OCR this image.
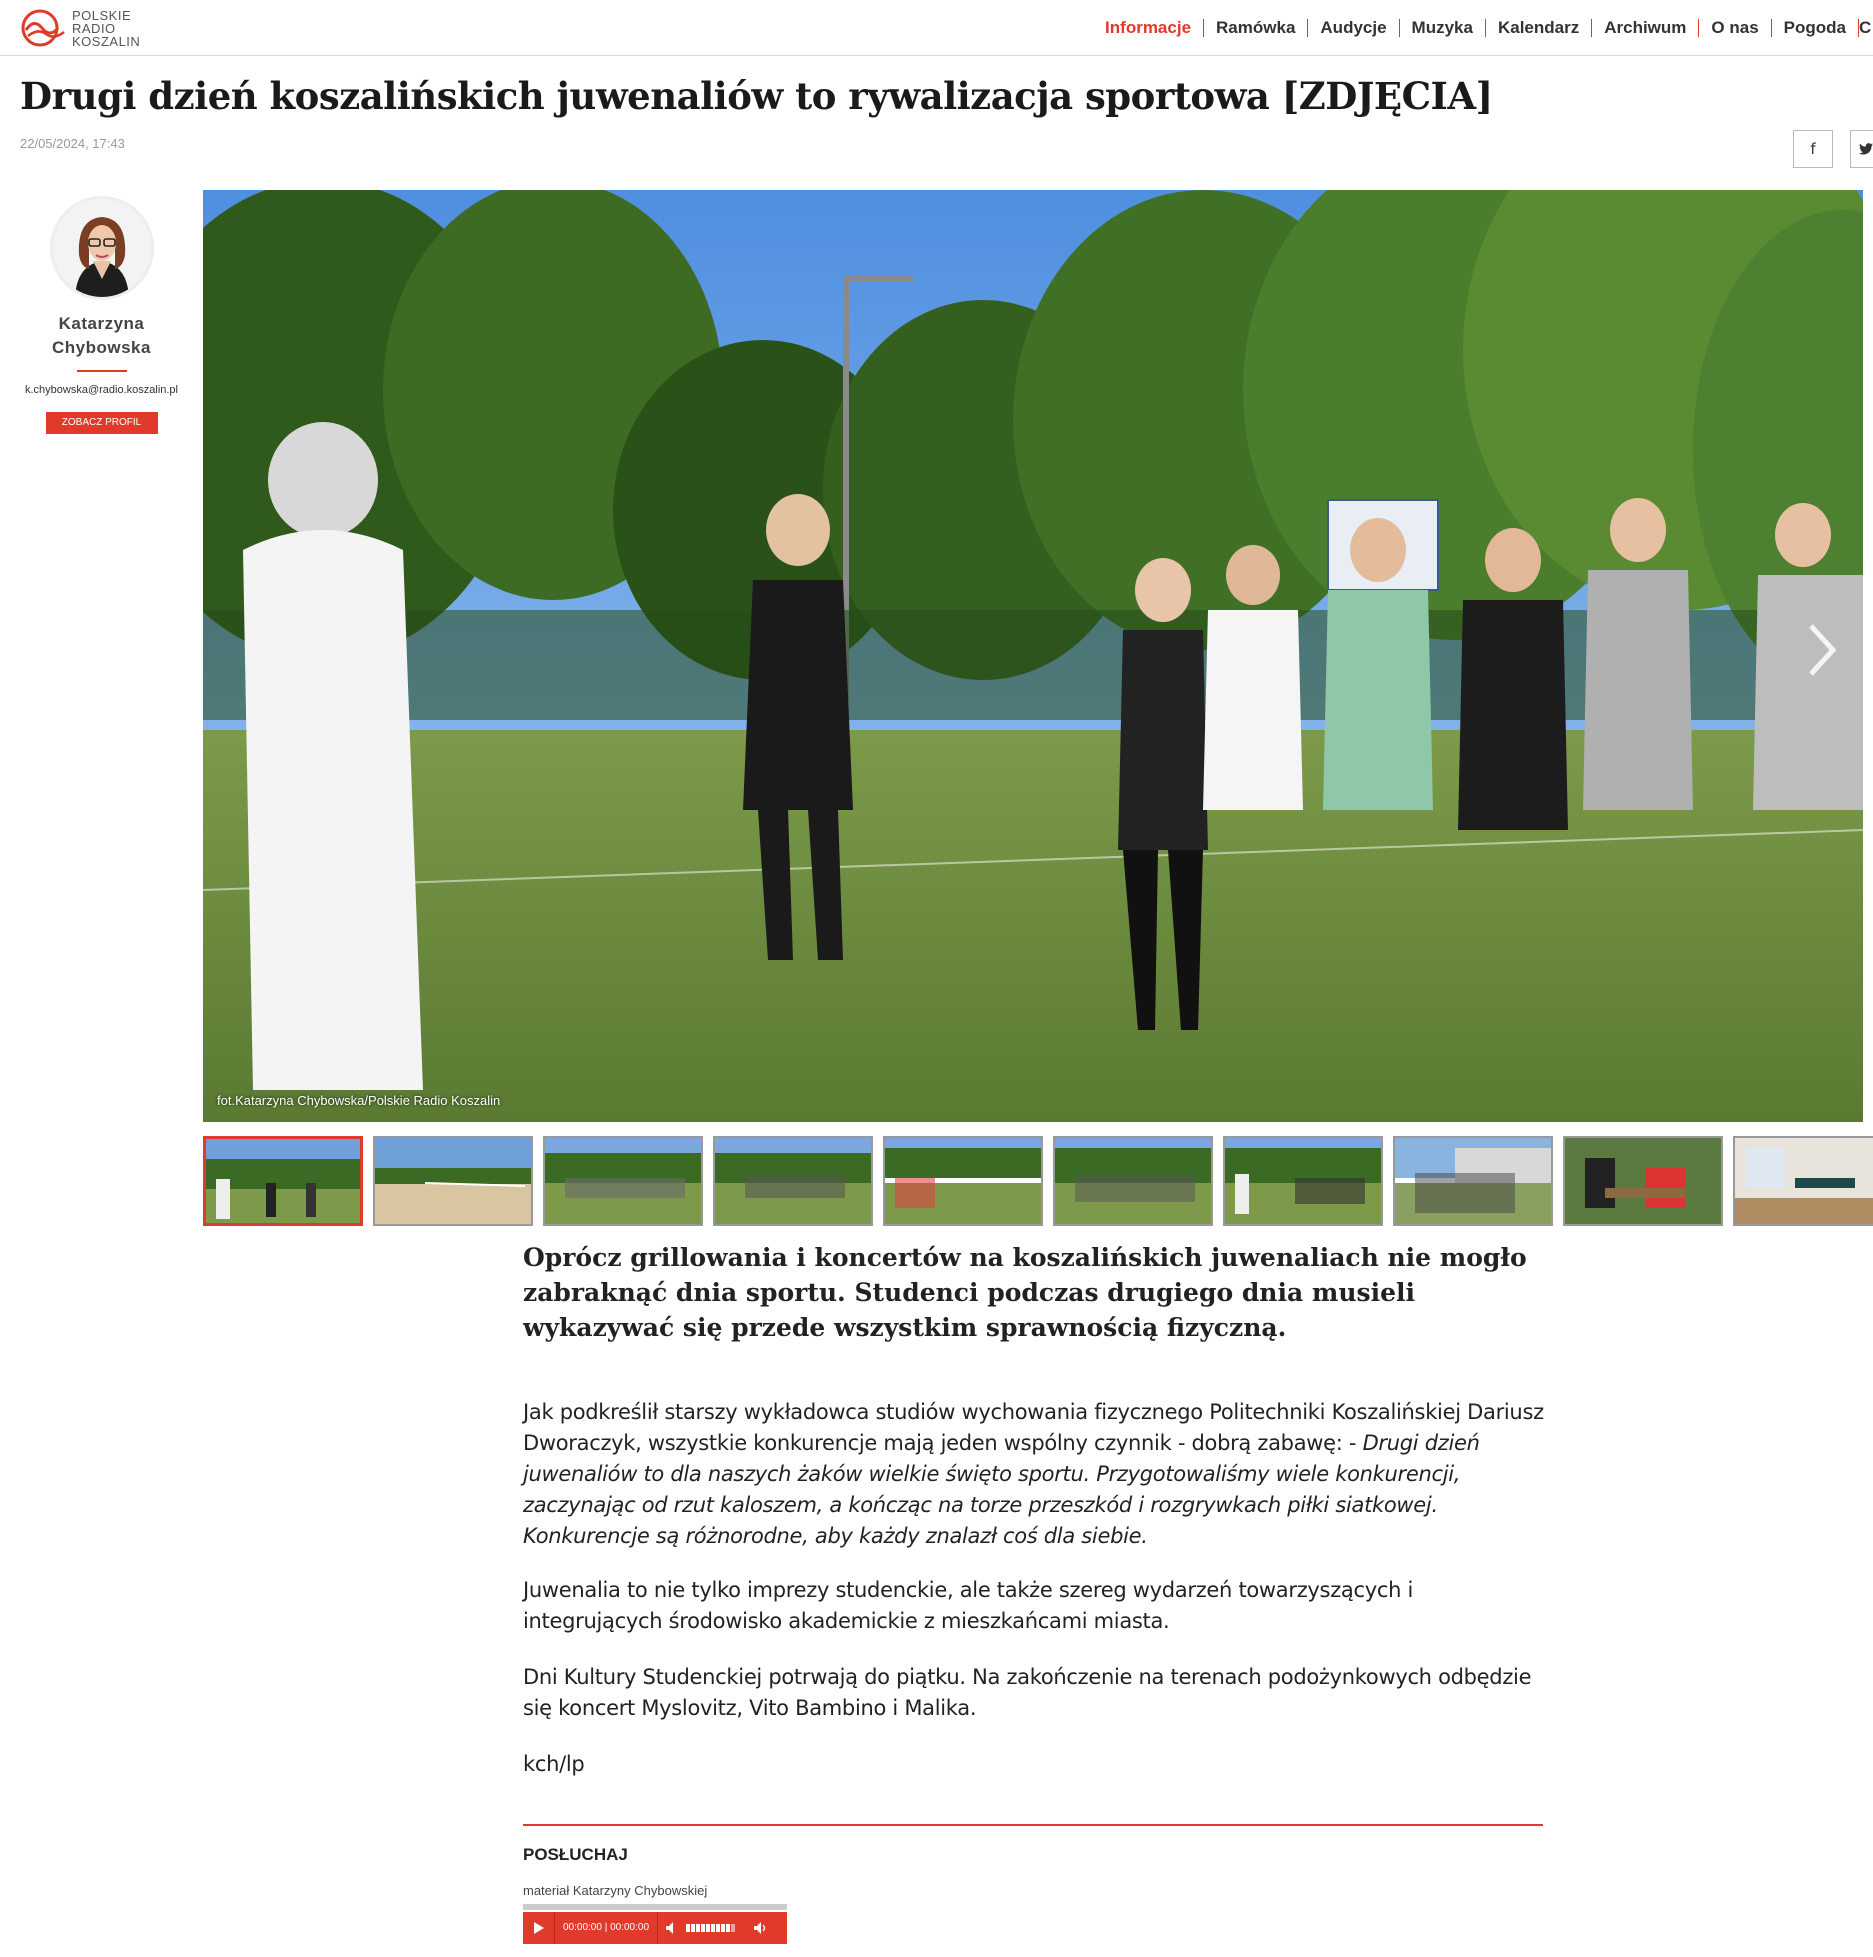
POLSKIE
RADIO
KOSZALIN
Informacje	Ramówka	Audycje	Muzyka	Kalendarz	Archiwum	O nas	Pogoda C
Drugi dzień koszalińskich juwenaliów to rywalizacja sportowa [ZDJĘCIA]
22/05/2024, 17:43	f
Katarzyna
Chybowska
k.chybowska@radio.koszalin.pl
ZOBACZ PROFIL
fot.Katarzyna Chybowska/Polskie Radio Koszalin

Oprócz grillowania i koncertów na koszalińskich juwenaliach nie mogło zabraknąć dnia sportu. Studenci podczas drugiego dnia musieli wykazywać się przede wszystkim sprawnością fizyczną.

Jak podkreślił starszy wykładowca studiów wychowania fizycznego Politechniki Koszalińskiej Dariusz Dworaczyk, wszystkie konkurencje mają jeden wspólny czynnik - dobrą zabawę: - Drugi dzień juwenaliów to dla naszych żaków wielkie święto sportu. Przygotowaliśmy wiele konkurencji, zaczynając od rzut kaloszem, a kończąc na torze przeszkód i rozgrywkach piłki siatkowej. Konkurencje są różnorodne, aby każdy znalazł coś dla siebie.

Juwenalia to nie tylko imprezy studenckie, ale także szereg wydarzeń towarzyszących i integrujących środowisko akademickie z mieszkańcami miasta.

Dni Kultury Studenckiej potrwają do piątku. Na zakończenie na terenach podożynkowych odbędzie się koncert Myslovitz, Vito Bambino i Malika.

kch/lp

POSŁUCHAJ
materiał Katarzyny Chybowskiej
00:00:00 | 00:00:00
